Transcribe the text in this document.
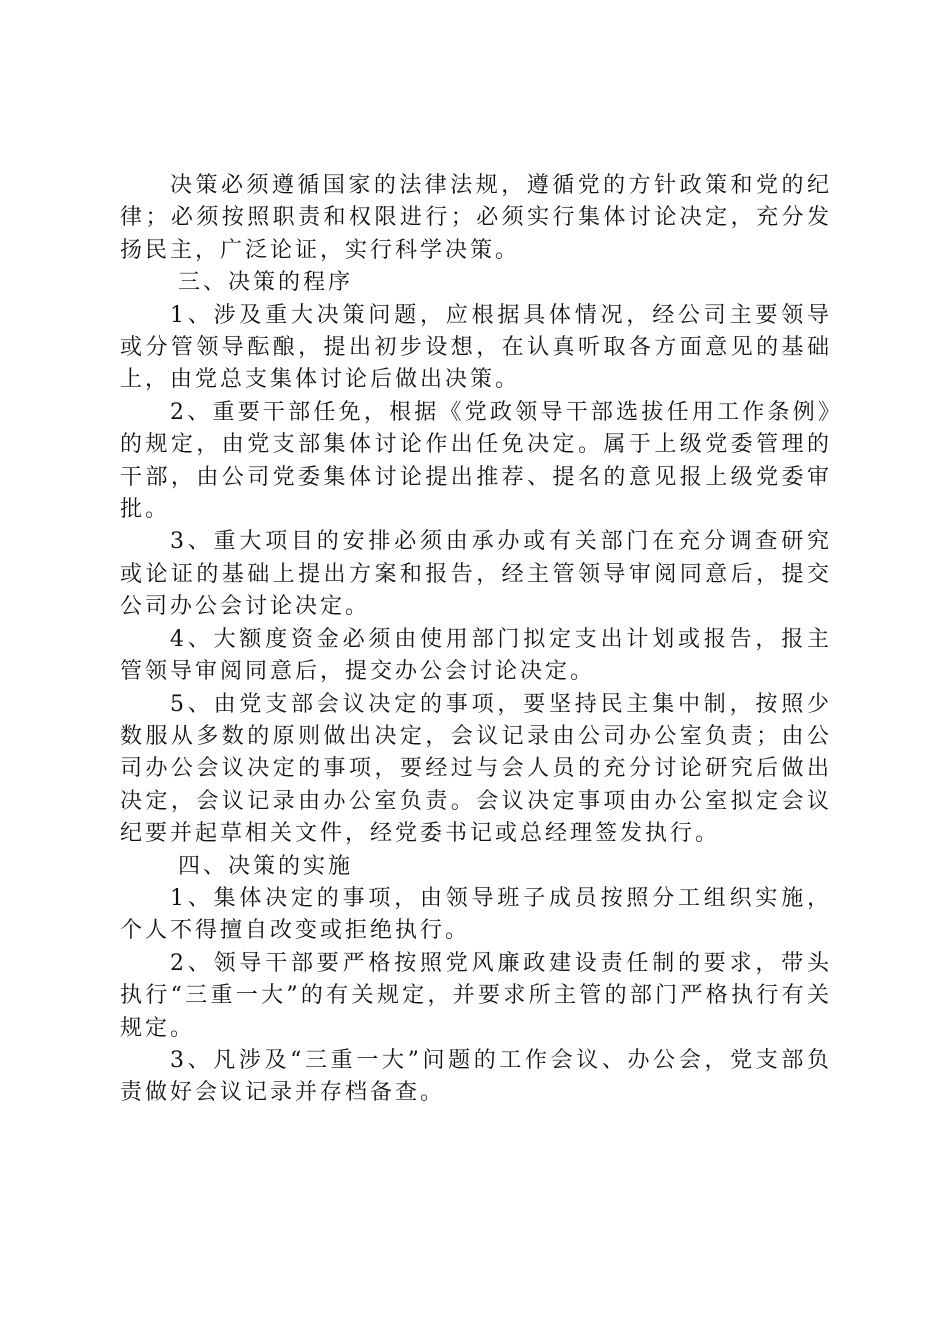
决策必须遵循国家的法律法规，遵循党的方针政策和党的纪律；必须按照职责和权限进行；必须实行集体讨论决定，充分发扬民主，广泛论证，实行科学决策。

三、决策的程序

1、涉及重大决策问题，应根据具体情况，经公司主要领导或分管领导酝酿，提出初步设想，在认真听取各方面意见的基础上，由党总支集体讨论后做出决策。

2、重要干部任免，根据《党政领导干部选拔任用工作条例》的规定，由党支部集体讨论作出任免决定。属于上级党委管理的干部，由公司党委集体讨论提出推荐、提名的意见报上级党委审批。

3、重大项目的安排必须由承办或有关部门在充分调查研究或论证的基础上提出方案和报告，经主管领导审阅同意后，提交公司办公会讨论决定。

4、大额度资金必须由使用部门拟定支出计划或报告，报主管领导审阅同意后，提交办公会讨论决定。

5、由党支部会议决定的事项，要坚持民主集中制，按照少数服从多数的原则做出决定，会议记录由公司办公室负责；由公司办公会议决定的事项，要经过与会人员的充分讨论研究后做出决定，会议记录由办公室负责。会议决定事项由办公室拟定会议纪要并起草相关文件，经党委书记或总经理签发执行。

四、决策的实施

1、集体决定的事项，由领导班子成员按照分工组织实施，个人不得擅自改变或拒绝执行。

2、领导干部要严格按照党风廉政建设责任制的要求，带头执行“三重一大”的有关规定，并要求所主管的部门严格执行有关规定。

3、凡涉及“三重一大”问题的工作会议、办公会，党支部负责做好会议记录并存档备查。
